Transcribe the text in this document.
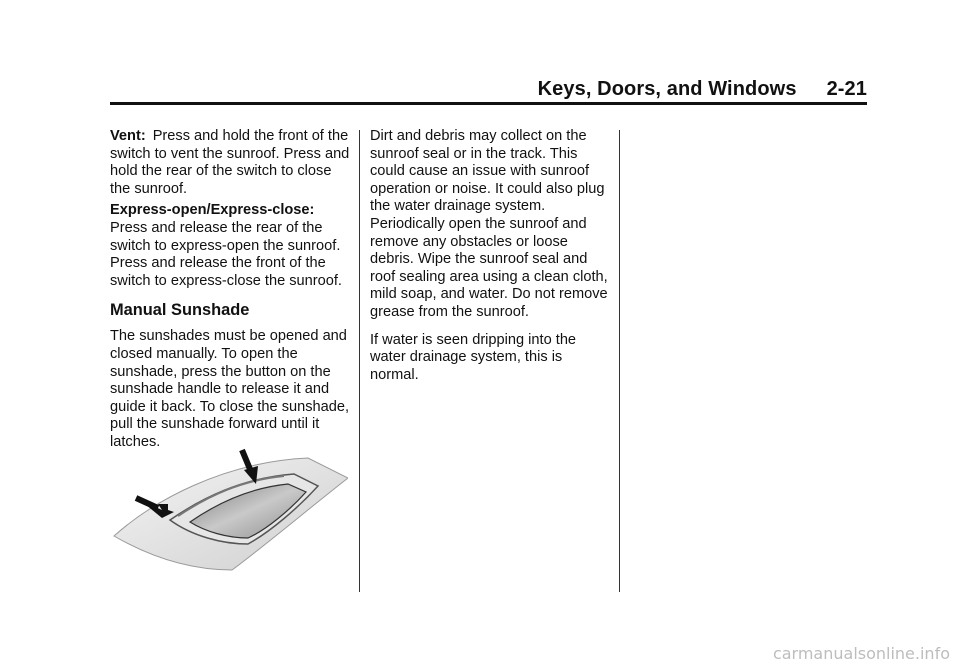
Keys, Doors, and Windows 2-21

Vent: Press and hold the front of the switch to vent the sunroof. Press and hold the rear of the switch to close the sunroof.

Express-open/Express-close:
Press and release the rear of the switch to express-open the sunroof. Press and release the front of the switch to express-close the sunroof.

Manual Sunshade

The sunshades must be opened and closed manually. To open the sunshade, press the button on the sunshade handle to release it and guide it back. To close the sunshade, pull the sunshade forward until it latches.

Dirt and debris may collect on the sunroof seal or in the track. This could cause an issue with sunroof operation or noise. It could also plug the water drainage system. Periodically open the sunroof and remove any obstacles or loose debris. Wipe the sunroof seal and roof sealing area using a clean cloth, mild soap, and water. Do not remove grease from the sunroof.

If water is seen dripping into the water drainage system, this is normal.

carmanualsonline.info
